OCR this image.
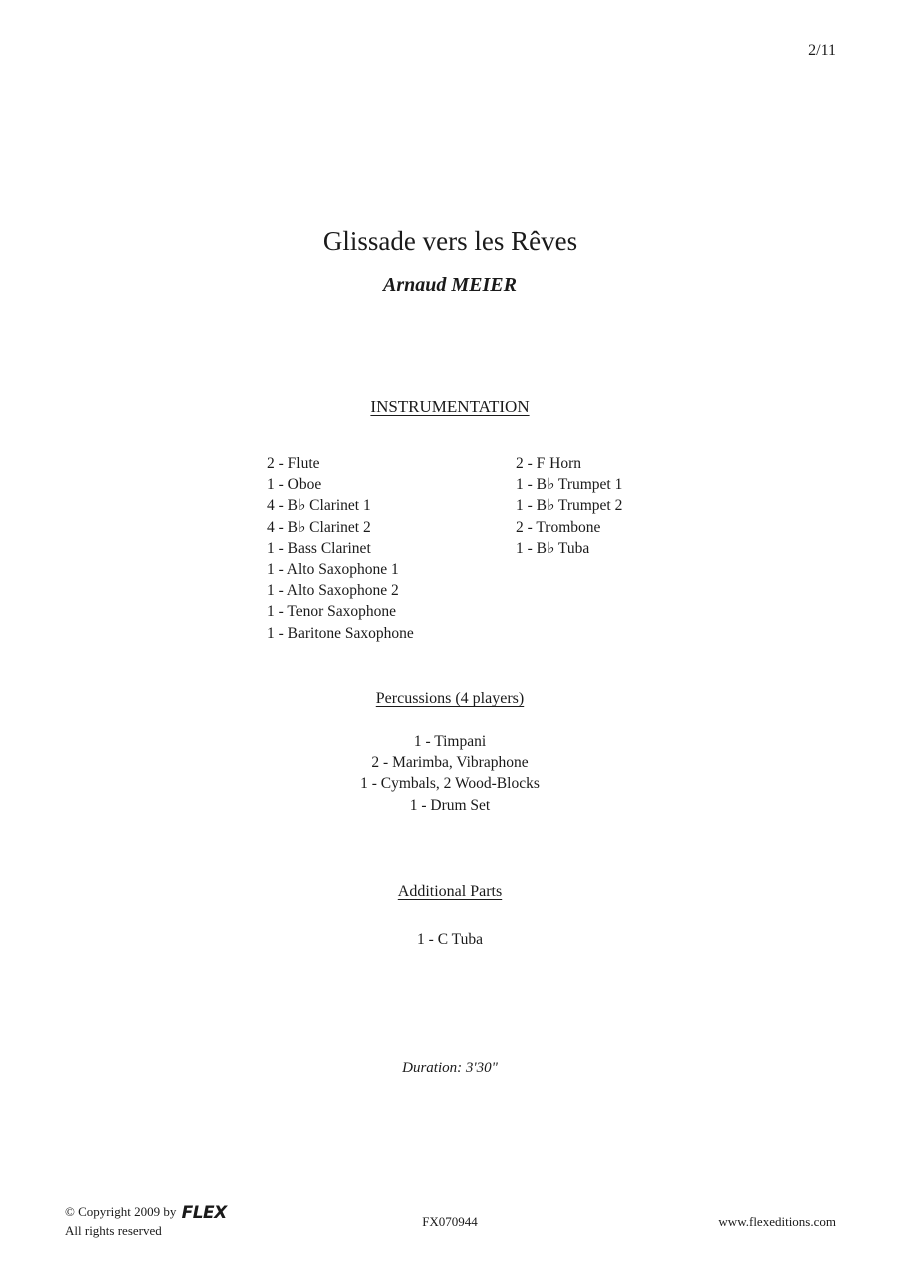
2/11
Glissade vers les Rêves
Arnaud MEIER
INSTRUMENTATION
2 - Flute
1 - Oboe
4 - B♭ Clarinet 1
4 - B♭ Clarinet 2
1 - Bass Clarinet
1 - Alto Saxophone 1
1 - Alto Saxophone 2
1 - Tenor Saxophone
1 - Baritone Saxophone
2 - F Horn
1 - B♭ Trumpet 1
1 - B♭ Trumpet 2
2 - Trombone
1 - B♭ Tuba
Percussions (4 players)
1 - Timpani
2 - Marimba, Vibraphone
1 - Cymbals, 2 Wood-Blocks
1 - Drum Set
Additional Parts
1 - C Tuba
Duration: 3'30"
© Copyright 2009 by FLEX
All rights reserved
FX070944	www.flexeditions.com
